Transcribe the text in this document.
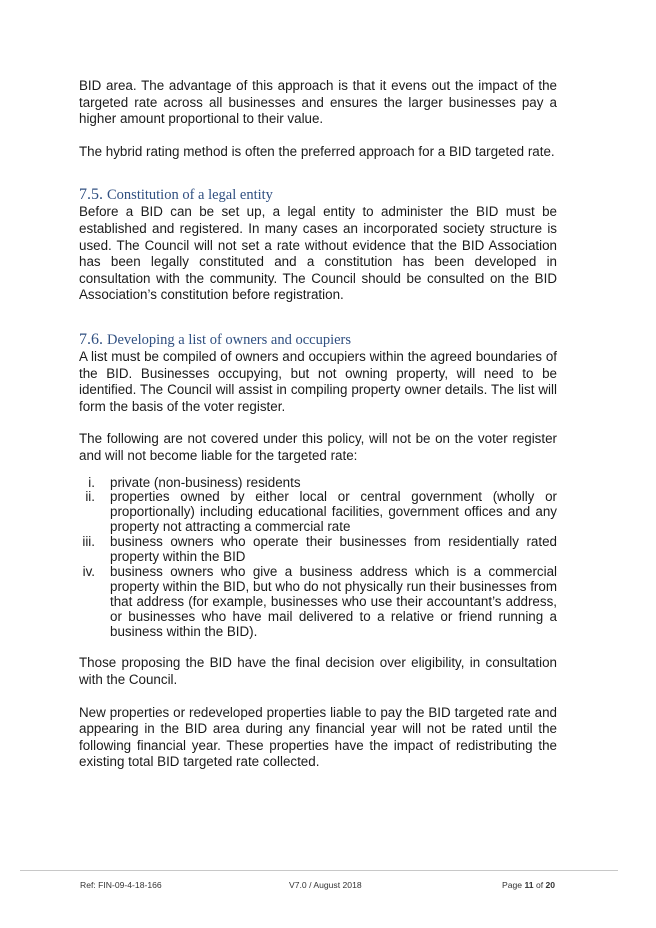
BID area. The advantage of this approach is that it evens out the impact of the targeted rate across all businesses and ensures the larger businesses pay a higher amount proportional to their value.

The hybrid rating method is often the preferred approach for a BID targeted rate.

7.5. Constitution of a legal entity

Before a BID can be set up, a legal entity to administer the BID must be established and registered. In many cases an incorporated society structure is used. The Council will not set a rate without evidence that the BID Association has been legally constituted and a constitution has been developed in consultation with the community. The Council should be consulted on the BID Association’s constitution before registration.

7.6. Developing a list of owners and occupiers

A list must be compiled of owners and occupiers within the agreed boundaries of the BID. Businesses occupying, but not owning property, will need to be identified. The Council will assist in compiling property owner details. The list will form the basis of the voter register.

The following are not covered under this policy, will not be on the voter register and will not become liable for the targeted rate:

i. private (non-business) residents
ii. properties owned by either local or central government (wholly or proportionally) including educational facilities, government offices and any property not attracting a commercial rate
iii. business owners who operate their businesses from residentially rated property within the BID
iv. business owners who give a business address which is a commercial property within the BID, but who do not physically run their businesses from that address (for example, businesses who use their accountant’s address, or businesses who have mail delivered to a relative or friend running a business within the BID).

Those proposing the BID have the final decision over eligibility, in consultation with the Council.

New properties or redeveloped properties liable to pay the BID targeted rate and appearing in the BID area during any financial year will not be rated until the following financial year. These properties have the impact of redistributing the existing total BID targeted rate collected.

Ref: FIN-09-4-18-166	V7.0 / August 2018	Page 11 of 20
